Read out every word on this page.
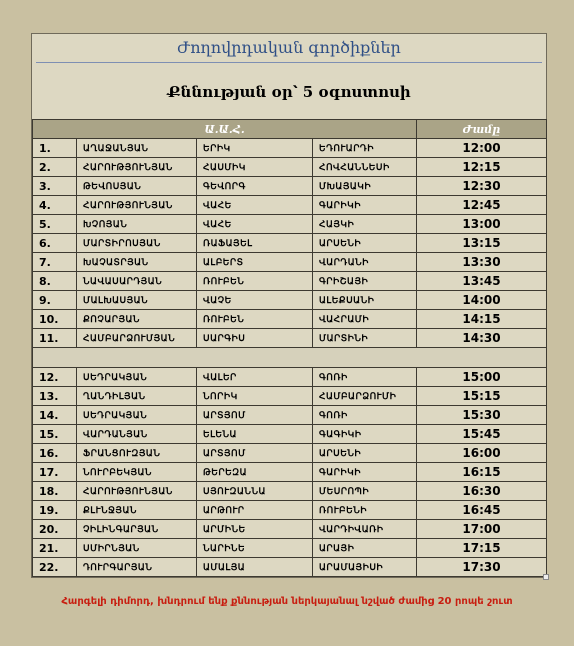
Ժողովրդական գործիքներ
Քննության օր՝ 5 օգոստոսի
Ա.Ա.Հ.				Ժամը
1.	ԱՂԱՋԱՆՅԱՆ	ԵՐԻԿ	ԵԴՈՒԱՐԴԻ	12:00
2.	ՀԱՐՈՒԹՅՈՒՆՅԱՆ	ՀԱՍՄԻԿ	ՀՈՎՀԱՆՆԵՍԻ	12:15
3.	ԹԵՎՈՍՅԱՆ	ԳԵՎՈՐԳ	ՄԽԱՅԱԿԻ	12:30
4.	ՀԱՐՈՒԹՅՈՒՆՅԱՆ	ՎԱՀԵ	ԳԱՐԻԿԻ	12:45
5.	ԽՉՈՅԱՆ	ՎԱՀԵ	ՀԱՅԿԻ	13:00
6.	ՄԱՐՏԻՐՈՍՅԱՆ	ՌԱՖԱՅԵԼ	ԱՐՍԵՆԻ	13:15
7.	ԽԱՉԱՏՐՅԱՆ	ԱԼԲԵՐՏ	ՎԱՐԴԱՆԻ	13:30
8.	ՆԱՎԱՍԱՐԴՅԱՆ	ՌՈՒԲԵՆ	ԳՐԻՇԱՅԻ	13:45
9.	ՄԱԼԽԱՍՅԱՆ	ՎԱՉԵ	ԱԼԵՔՍԱՆԻ	14:00
10.	ՔՈՉԱՐՅԱՆ	ՌՈՒԲԵՆ	ՎԱՀՐԱՄԻ	14:15
11.	ՀԱՄԲԱՐՁՈՒՄՅԱՆ	ՍԱՐԳԻՍ	ՄԱՐՏԻՆԻ	14:30

12.	ՍԵԴՐԱԿՅԱՆ	ՎԱԼԵՐ	ԳՈՌԻ	15:00
13.	ՂԱՆԴԻԼՅԱՆ	ՆՈՐԻԿ	ՀԱՄԲԱՐՁՈՒՄԻ	15:15
14.	ՍԵԴՐԱԿՅԱՆ	ԱՐՏՅՈՄ	ԳՈՌԻ	15:30
15.	ՎԱՐԴԱՆՅԱՆ	ԵԼԵՆԱ	ԳԱԳԻԿԻ	15:45
16.	ՖՐԱՆՑՈՒԶՅԱՆ	ԱՐՏՅՈՄ	ԱՐՍԵՆԻ	16:00
17.	ՆՈՒՐԲԵԿՅԱՆ	ԹԵՐԵԶԱ	ԳԱՐԻԿԻ	16:15
18.	ՀԱՐՈՒԹՅՈՒՆՅԱՆ	ՍՅՈՒԶԱՆՆԱ	ՄԵՍՐՈՊԻ	16:30
19.	ՔԼՒՆՋՅԱՆ	ԱՐԹՈՒՐ	ՌՈՒԲԵՆԻ	16:45
20.	ՉԻԼԻՆԳԱՐՅԱՆ	ԱՐՄԻՆԵ	ՎԱՐԴԻՎԱՌԻ	17:00
21.	ՍՄԻՐՆՅԱՆ	ՆԱՐԻՆԵ	ԱՐԱՅԻ	17:15
22.	ԴՈՒՐԳԱՐՅԱՆ	ԱՄԱԼՅԱ	ԱՐԱՄԱՅԻՍԻ	17:30
Հարգելի դիմորդ, խնդրում ենք քննության ներկայանալ նշված ժամից 20 րոպե շուտ
